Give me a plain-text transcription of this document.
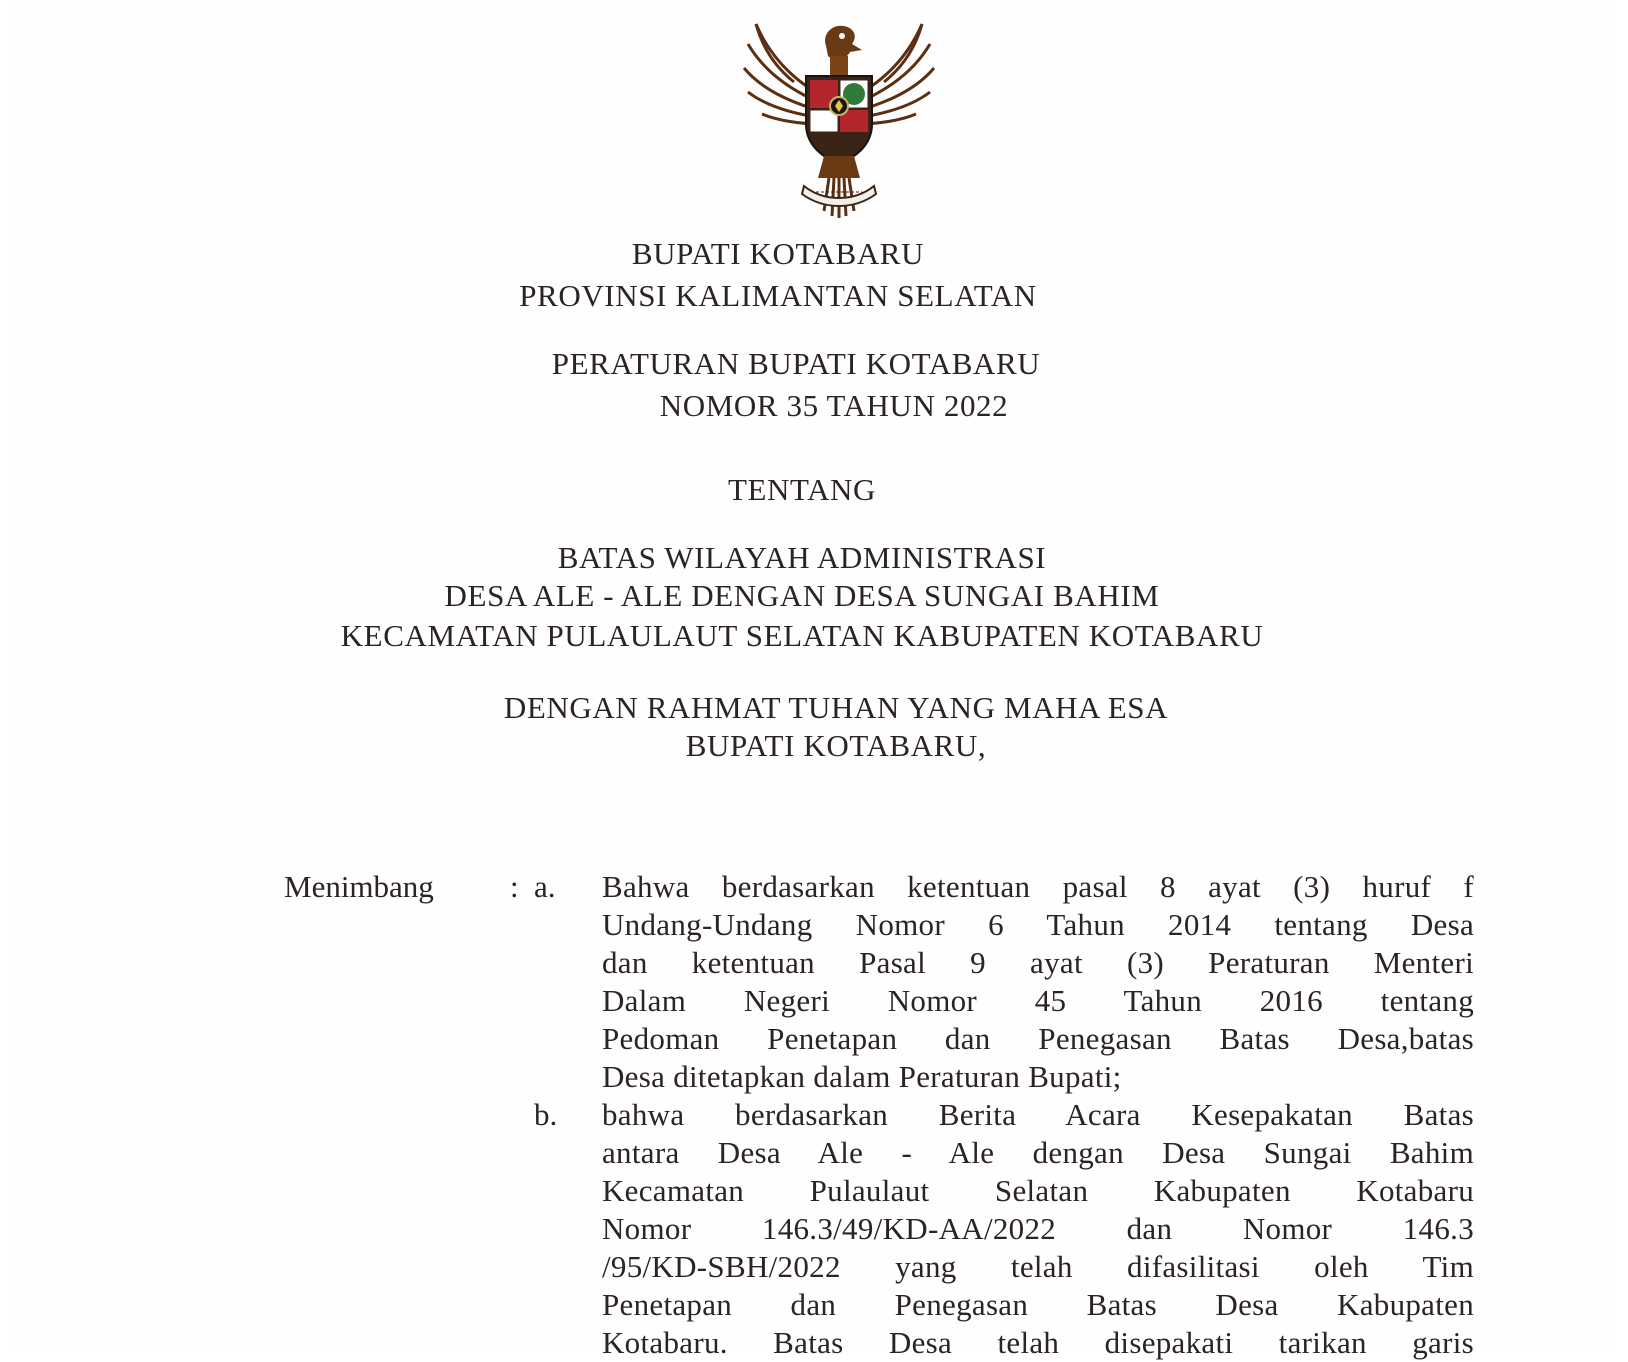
BUPATI KOTABARU
PROVINSI KALIMANTAN SELATAN
PERATURAN BUPATI KOTABARU
NOMOR 35 TAHUN 2022
TENTANG
BATAS WILAYAH ADMINISTRASI
DESA ALE - ALE DENGAN DESA SUNGAI BAHIM
KECAMATAN PULAULAUT SELATAN KABUPATEN KOTABARU
DENGAN RAHMAT TUHAN YANG MAHA ESA
BUPATI KOTABARU,
Menimbang : a. Bahwa berdasarkan ketentuan pasal 8 ayat (3) huruf f
Undang-Undang Nomor 6 Tahun 2014 tentang Desa
dan ketentuan Pasal 9 ayat (3) Peraturan Menteri
Dalam Negeri Nomor 45 Tahun 2016 tentang
Pedoman Penetapan dan Penegasan Batas Desa,batas
Desa ditetapkan dalam Peraturan Bupati;
b. bahwa berdasarkan Berita Acara Kesepakatan Batas
antara Desa Ale - Ale dengan Desa Sungai Bahim
Kecamatan Pulaulaut Selatan Kabupaten Kotabaru
Nomor 146.3/49/KD-AA/2022 dan Nomor 146.3
/95/KD-SBH/2022 yang telah difasilitasi oleh Tim
Penetapan dan Penegasan Batas Desa Kabupaten
Kotabaru. Batas Desa telah disepakati tarikan garis
